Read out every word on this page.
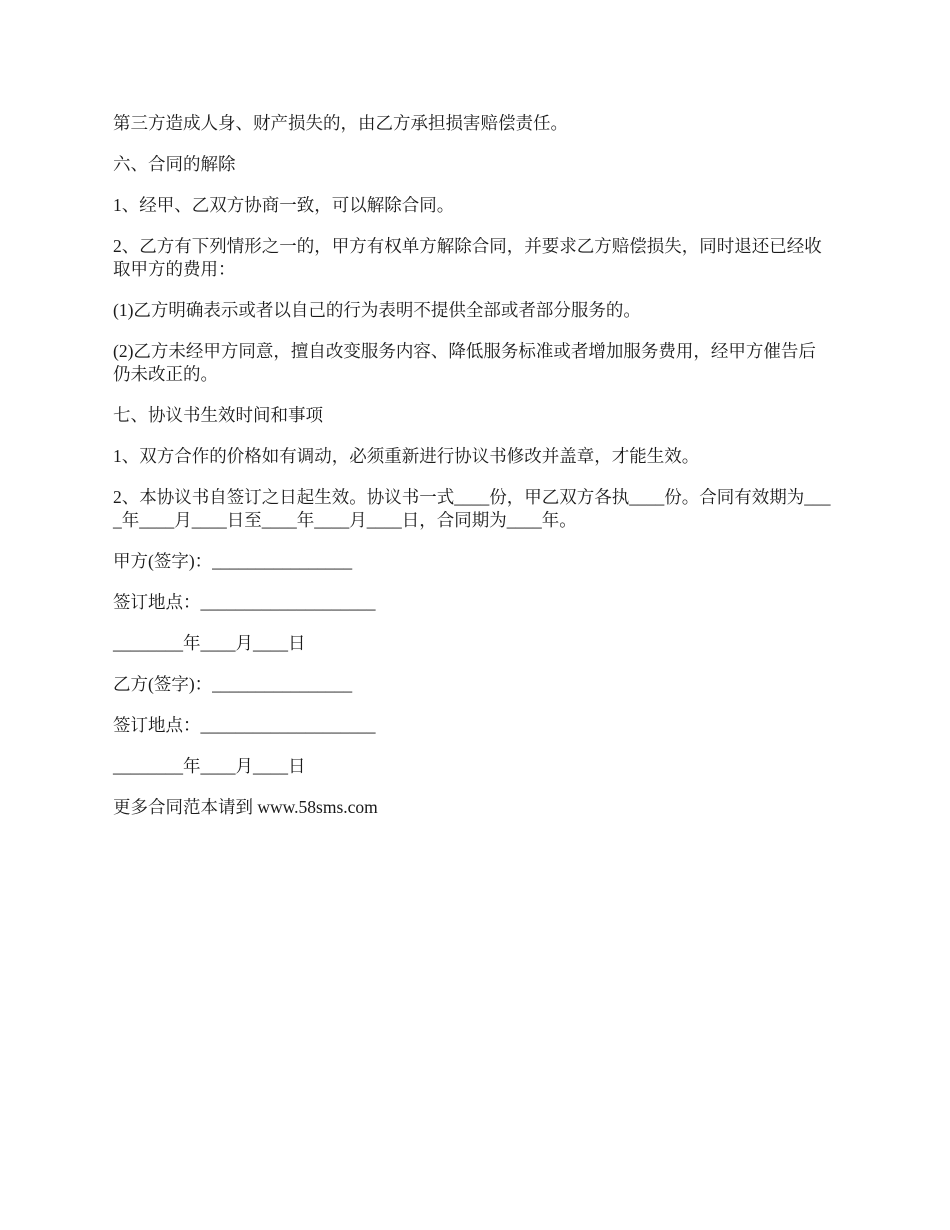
第三方造成人身、财产损失的，由乙方承担损害赔偿责任。

六、合同的解除

1、经甲、乙双方协商一致，可以解除合同。

2、乙方有下列情形之一的，甲方有权单方解除合同，并要求乙方赔偿损失，同时退还已经收取甲方的费用：

(1)乙方明确表示或者以自己的行为表明不提供全部或者部分服务的。

(2)乙方未经甲方同意，擅自改变服务内容、降低服务标准或者增加服务费用，经甲方催告后仍未改正的。

七、协议书生效时间和事项

1、双方合作的价格如有调动，必须重新进行协议书修改并盖章，才能生效。

2、本协议书自签订之日起生效。协议书一式____份，甲乙双方各执____份。合同有效期为____年____月____日至____年____月____日，合同期为____年。

甲方(签字)：________________

签订地点：____________________

________年____月____日

乙方(签字)：________________

签订地点：____________________

________年____月____日

更多合同范本请到 www.58sms.com
